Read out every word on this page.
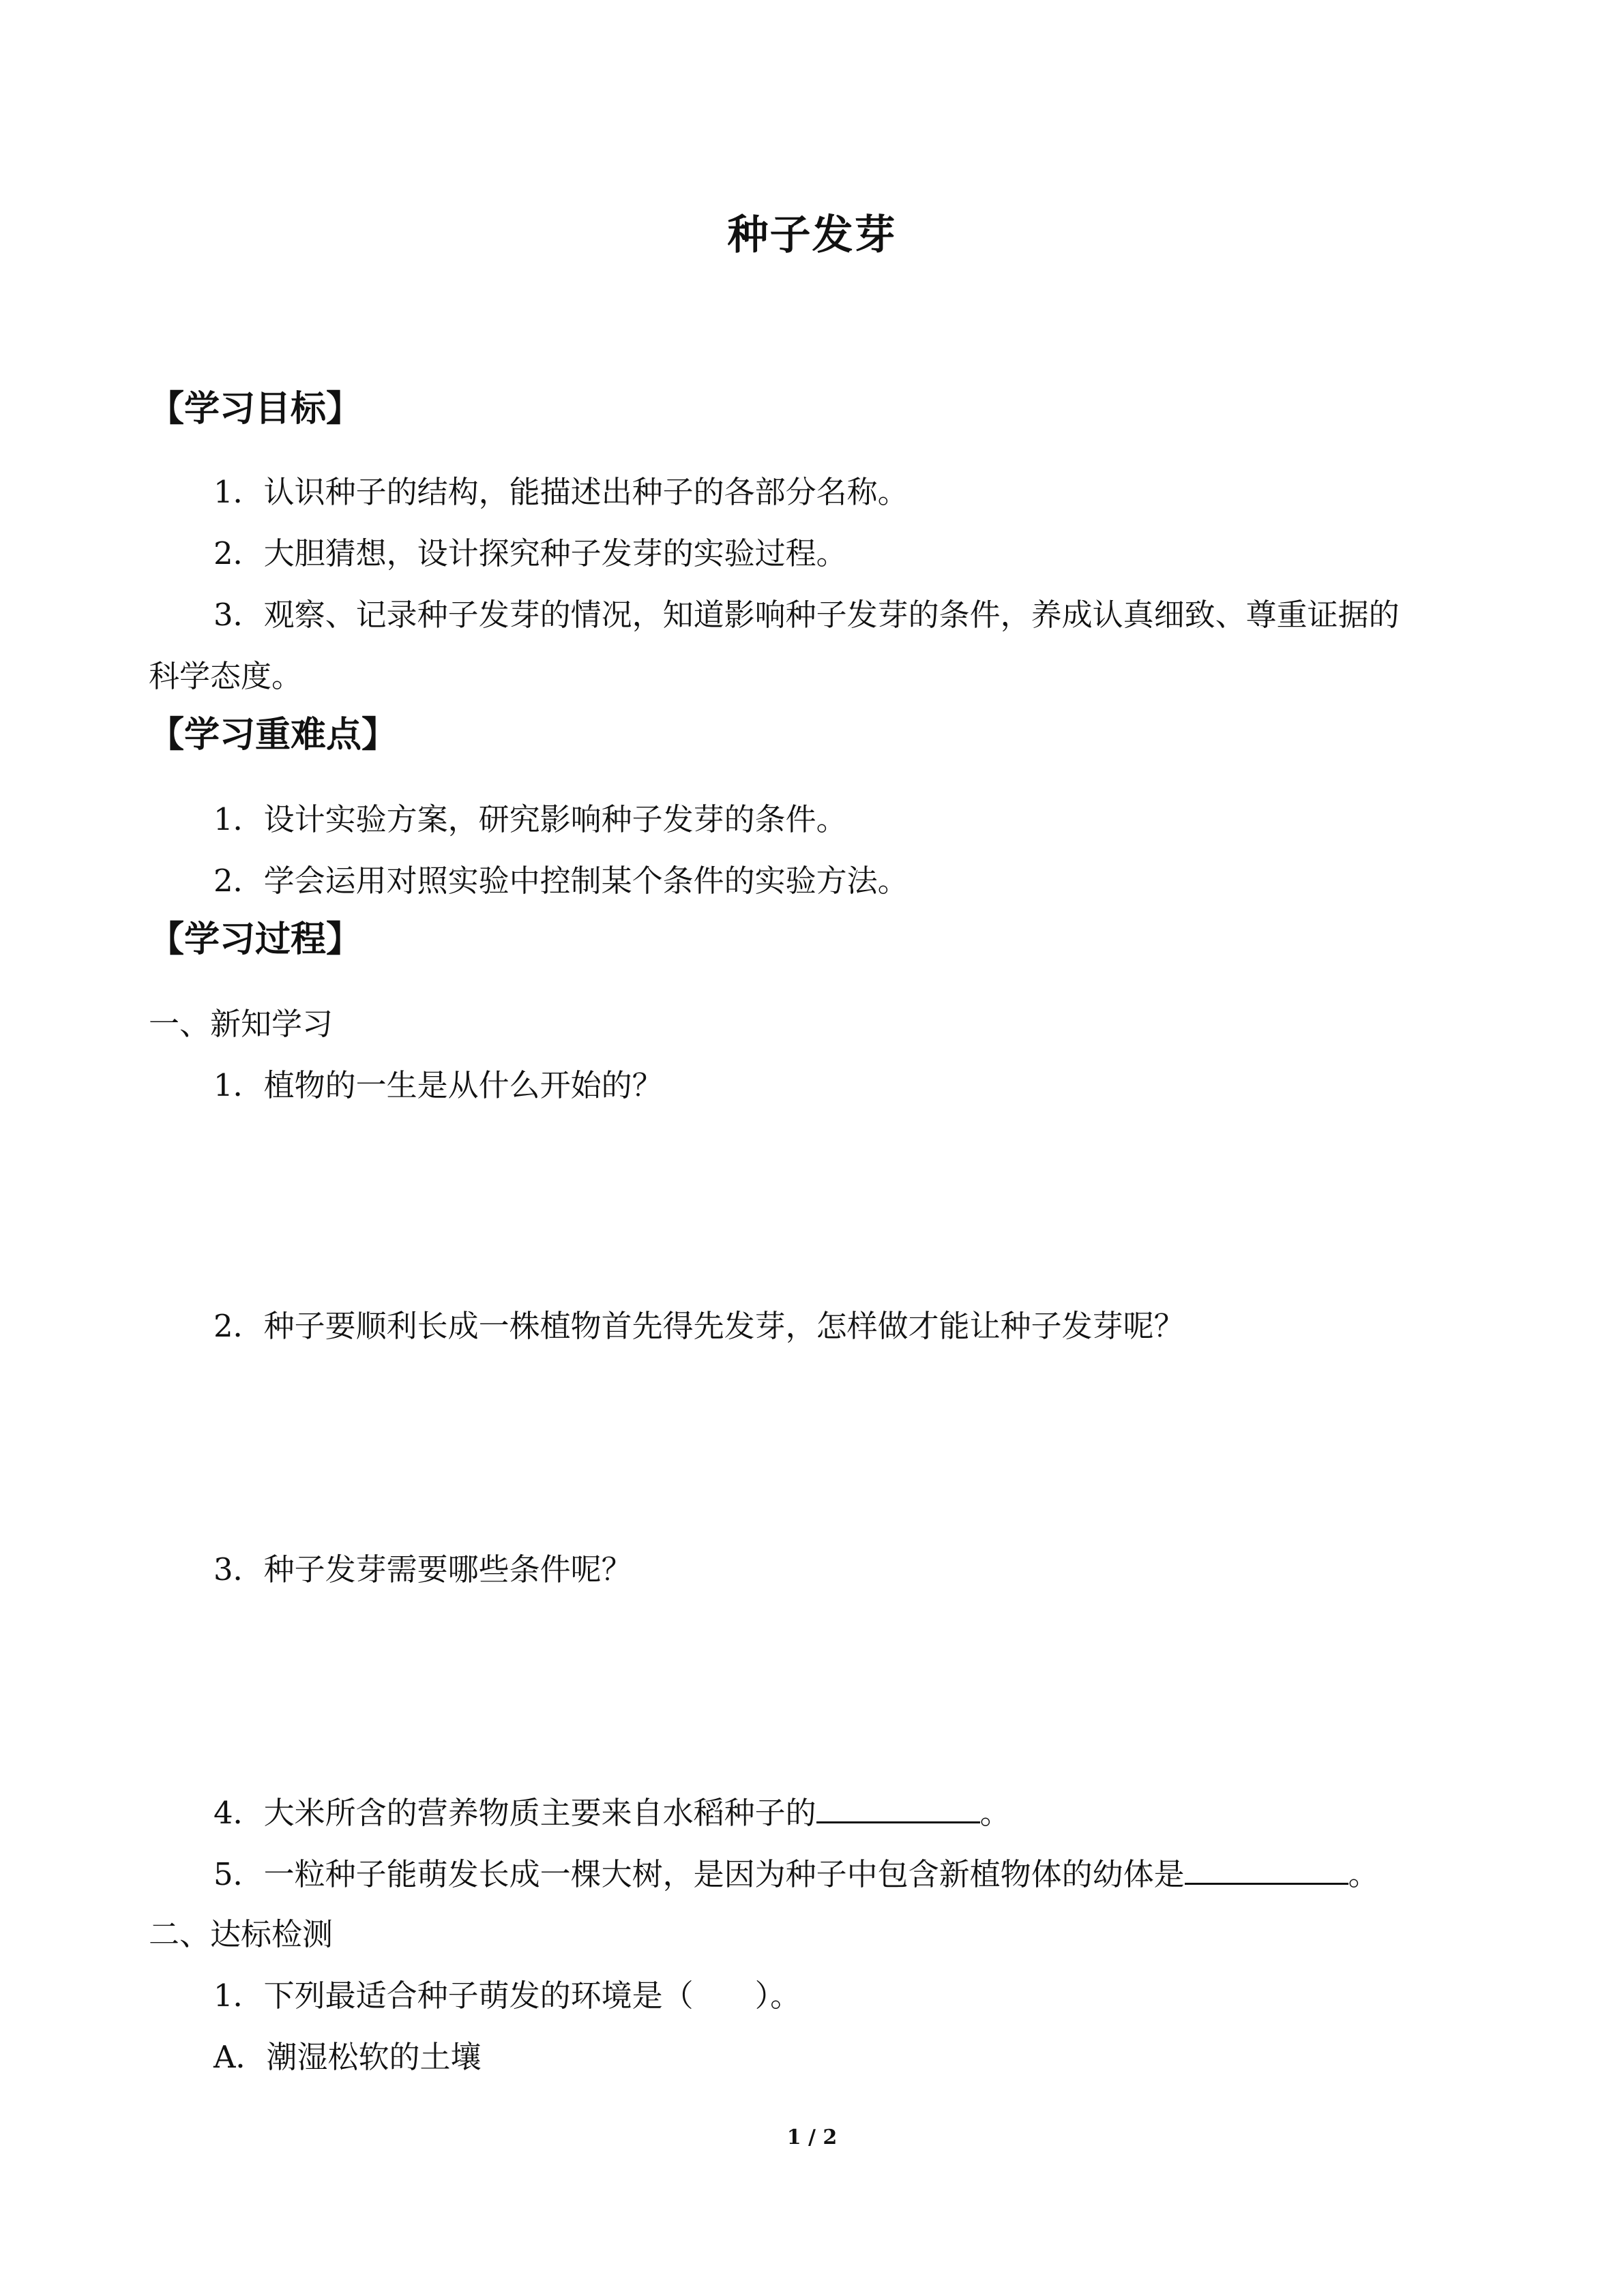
种子发芽
【学习目标】
1．认识种子的结构，能描述出种子的各部分名称。
2．大胆猜想，设计探究种子发芽的实验过程。
3．观察、记录种子发芽的情况，知道影响种子发芽的条件，养成认真细致、尊重证据的
科学态度。
【学习重难点】
1．设计实验方案，研究影响种子发芽的条件。
2．学会运用对照实验中控制某个条件的实验方法。
【学习过程】
一、新知学习
1．植物的一生是从什么开始的？
2．种子要顺利长成一株植物首先得先发芽，怎样做才能让种子发芽呢？
3．种子发芽需要哪些条件呢？
4．大米所含的营养物质主要来自水稻种子的	。
5．一粒种子能萌发长成一棵大树，是因为种子中包含新植物体的幼体是	。
二、达标检测
1．下列最适合种子萌发的环境是（ ）。
A．潮湿松软的土壤
1 / 2
